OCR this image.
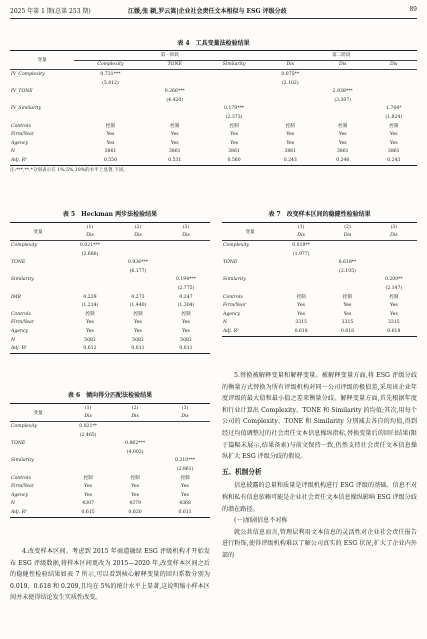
2025 年第 1 期(总第 253 期)	江媛,张 颖,罗云嵩|企业社会责任文本相似与 ESG 评级分歧	89
表 4　工具变量法检验结果
变量	第一阶段			第二阶段		
	Complexity	TONE	Similarity	Dis	Dis	Dis
IV_Complexity	0.731***			0.075**		
	(5.812)			(2.102)		
IV_TONE		0.266***			2.938***	
		(4.420)			(3.307)	
IV_Similarity			0.179***			1.764*
			(2.373)			(1.824)
Controls	控制	控制	控制	控制	控制	控制
Firm/Year	Yes	Yes	Yes	Yes	Yes	Yes
Agency	Yes	Yes	Yes	Yes	Yes	Yes
N	3861	3861	3861	3861	3861	3861
Adj. R²	0.550	0.531	0.560	0.243	0.246	0.243
注:***,**,*分别表示在 1%,5%,10%的水平上显著,下同。
表 5　Heckman 两步法检验结果
变量	(1)	(2)	(3)
	Dis	Dis	Dis
Complexity	0.021***		
	(2.686)		
TONE		0.936***	
		(6.177)	
Similarity			0.194***
			(2.775)
IMR	0.229	0.273	0.247
	(1.214)	(1.440)	(1.304)
Controls	控制	控制	控制
Firm/Year	Yes	Yes	Yes
Agency	Yes	Yes	Yes
N	5082	5082	5082
Adj. R²	0.612	0.611	0.611
表 6　倾向得分匹配法检验结果
变量	(1)	(2)	(3)
	Dis	Dis	Dis
Complexity	0.021**		
	(2.465)		
TONE		0.862***	
		(4.003)	
Similarity			0.210***
			(2.861)
Controls	控制	控制	控制
Firm/Year	Yes	Yes	Yes
Agency	Yes	Yes	Yes
N	4307	4379	4368
Adj. R²	0.615	0.620	0.611

4.改变样本区间。考虑到 2015 年商道融绿 ESG 评级机构才开始发布 ESG 评级数据,将样本区间更改为 2015—2020 年,改变样本区间之后的稳健性检验结果如表 7 所示,可以看到核心解释变量的回归系数分别为 0.019、0.618 和 0.209,且均在 5%的统计水平上显著,这说明缩小样本区间并未使得结论发生实质性改变。

表 7　改变样本区间的稳健性检验结果
变量	(1)	(2)	(3)
	Dis	Dis	Dis
Complexity	0.019**		
	(1.977)		
TONE		0.618**	
		(2.105)	
Similarity			0.209**
			(2.147)
Controls	控制	控制	控制
Firm/Year	Yes	Yes	Yes
Agency	Yes	Yes	Yes
N	3315	3315	3315
Adj. R²	0.618	0.618	0.618

5.替换被解释变量和解释变量。被解释变量方面,将 ESG 评级分歧的衡量方式替换为所有评级机构对同一公司评级的极值差,采用该企业年度评级的最大值和最小值之差来衡量分歧。解释变量方面,首先根据年度和行业计算出 Complexity、TONE 和 Similarity 的均值;其次,用每个公司的 Complexity、TONE 和 Similarity 分别减去各自的均值,得到经过均值调整过的社会责任文本信息操纵指标,替换变量后的回归结果(限于篇幅未展示,结果备索)与前文保持一致,仍然支持社会责任文本信息操纵扩大 ESG 评级分歧的假说。

五、机制分析

信息披露的总量和质量是评级机构进行 ESG 评级的基础。信息不对称和私有信息依赖可能是企业社会责任文本信息操纵影响 ESG 评级分歧的潜在路径。

(一)加剧信息不对称

就公共信息而言,管理层利用文本信息的灵活性对企业社会责任报告进行粉饰,使得评级机构难以了解公司真实的 ESG 状况,扩大了企业内外部的
